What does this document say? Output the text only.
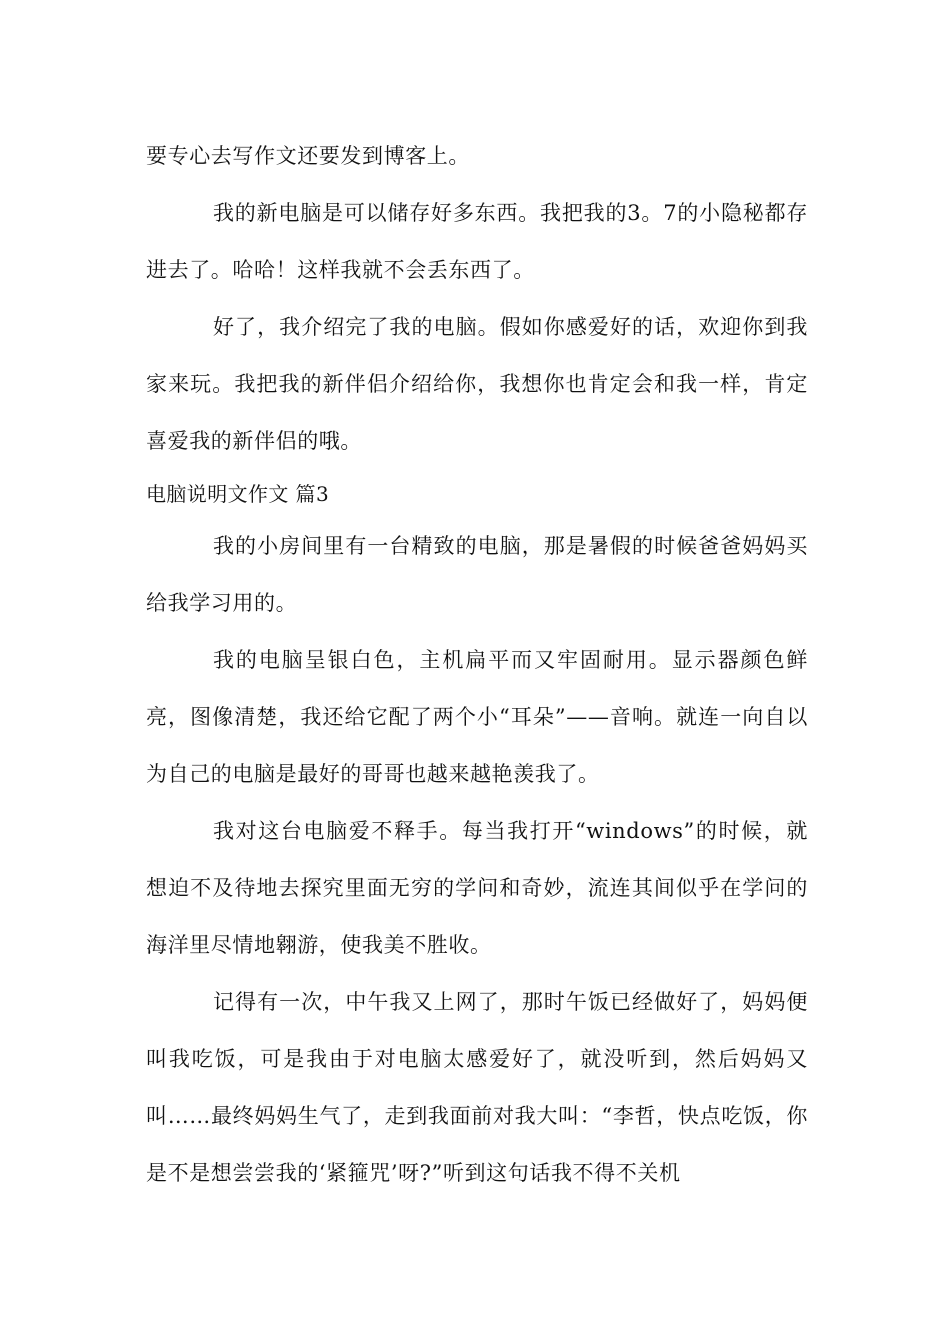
要专心去写作文还要发到博客上。

我的新电脑是可以储存好多东西。我把我的3。7的小隐秘都存进去了。哈哈！这样我就不会丢东西了。

好了，我介绍完了我的电脑。假如你感爱好的话，欢迎你到我家来玩。我把我的新伴侣介绍给你，我想你也肯定会和我一样，肯定喜爱我的新伴侣的哦。

电脑说明文作文 篇3

我的小房间里有一台精致的电脑，那是暑假的时候爸爸妈妈买给我学习用的。

我的电脑呈银白色，主机扁平而又牢固耐用。显示器颜色鲜亮，图像清楚，我还给它配了两个小“耳朵”——音响。就连一向自以为自己的电脑是最好的哥哥也越来越艳羡我了。

我对这台电脑爱不释手。每当我打开“windows”的时候，就想迫不及待地去探究里面无穷的学问和奇妙，流连其间似乎在学问的海洋里尽情地翱游，使我美不胜收。

记得有一次，中午我又上网了，那时午饭已经做好了，妈妈便叫我吃饭，可是我由于对电脑太感爱好了，就没听到，然后妈妈又叫……最终妈妈生气了，走到我面前对我大叫：“李哲，快点吃饭，你是不是想尝尝我的‘紧箍咒’呀?”听到这句话我不得不关机
